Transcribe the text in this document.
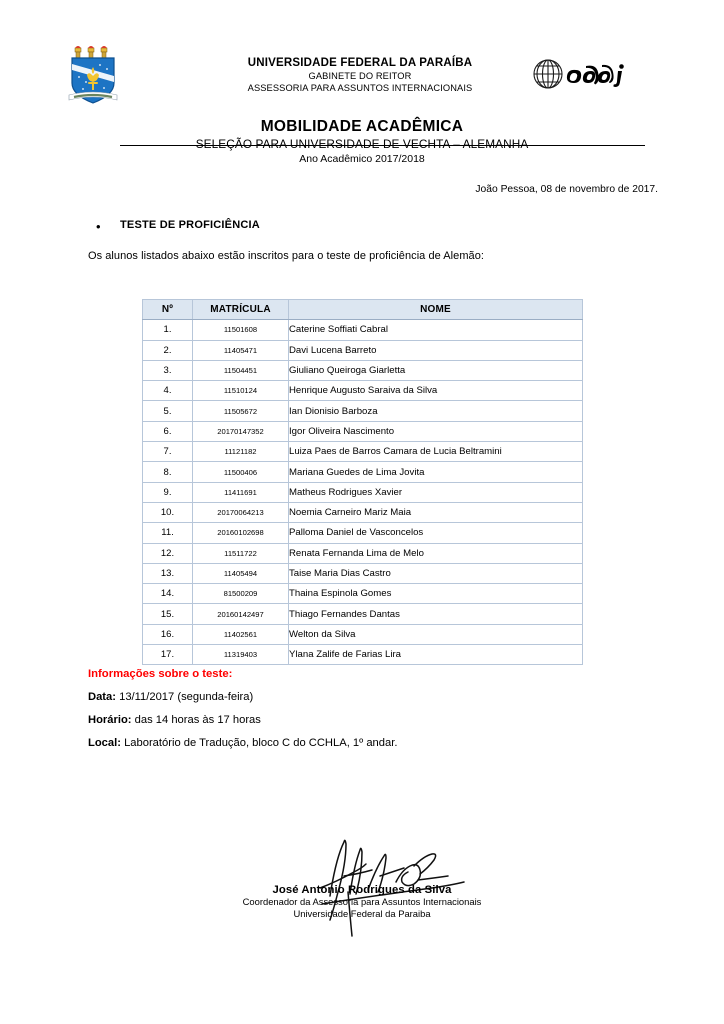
UNIVERSIDADE FEDERAL DA PARAÍBA
GABINETE DO REITOR
ASSESSORIA PARA ASSUNTOS INTERNACIONAIS
MOBILIDADE ACADÊMICA
SELEÇÃO PARA UNIVERSIDADE DE VECHTA – ALEMANHA
Ano Acadêmico 2017/2018
João Pessoa, 08 de novembro de 2017.
• TESTE DE PROFICIÊNCIA
Os alunos listados abaixo estão inscritos para o teste de proficiência de Alemão:
Nº	MATRÍCULA	NOME
1.	11501608	Caterine Soffiati Cabral
2.	11405471	Davi Lucena Barreto
3.	11504451	Giuliano Queiroga Giarletta
4.	11510124	Henrique Augusto Saraiva da Silva
5.	11505672	Ian Dionisio Barboza
6.	20170147352	Igor Oliveira Nascimento
7.	11121182	Luiza Paes de Barros Camara de Lucia Beltramini
8.	11500406	Mariana Guedes de Lima Jovita
9.	11411691	Matheus Rodrigues Xavier
10.	20170064213	Noemia Carneiro Mariz Maia
11.	20160102698	Palloma Daniel de Vasconcelos
12.	11511722	Renata Fernanda Lima de Melo
13.	11405494	Taise Maria Dias Castro
14.	81500209	Thaina Espinola Gomes
15.	20160142497	Thiago Fernandes Dantas
16.	11402561	Welton da Silva
17.	11319403	Ylana Zalife de Farias Lira
Informações sobre o teste:
Data: 13/11/2017 (segunda-feira)
Horário: das 14 horas às 17 horas
Local: Laboratório de Tradução, bloco C do CCHLA, 1º andar.
José Antonio Rodrigues da Silva
Coordenador da Assessoria para Assuntos Internacionais
Universidade Federal da Paraiba
